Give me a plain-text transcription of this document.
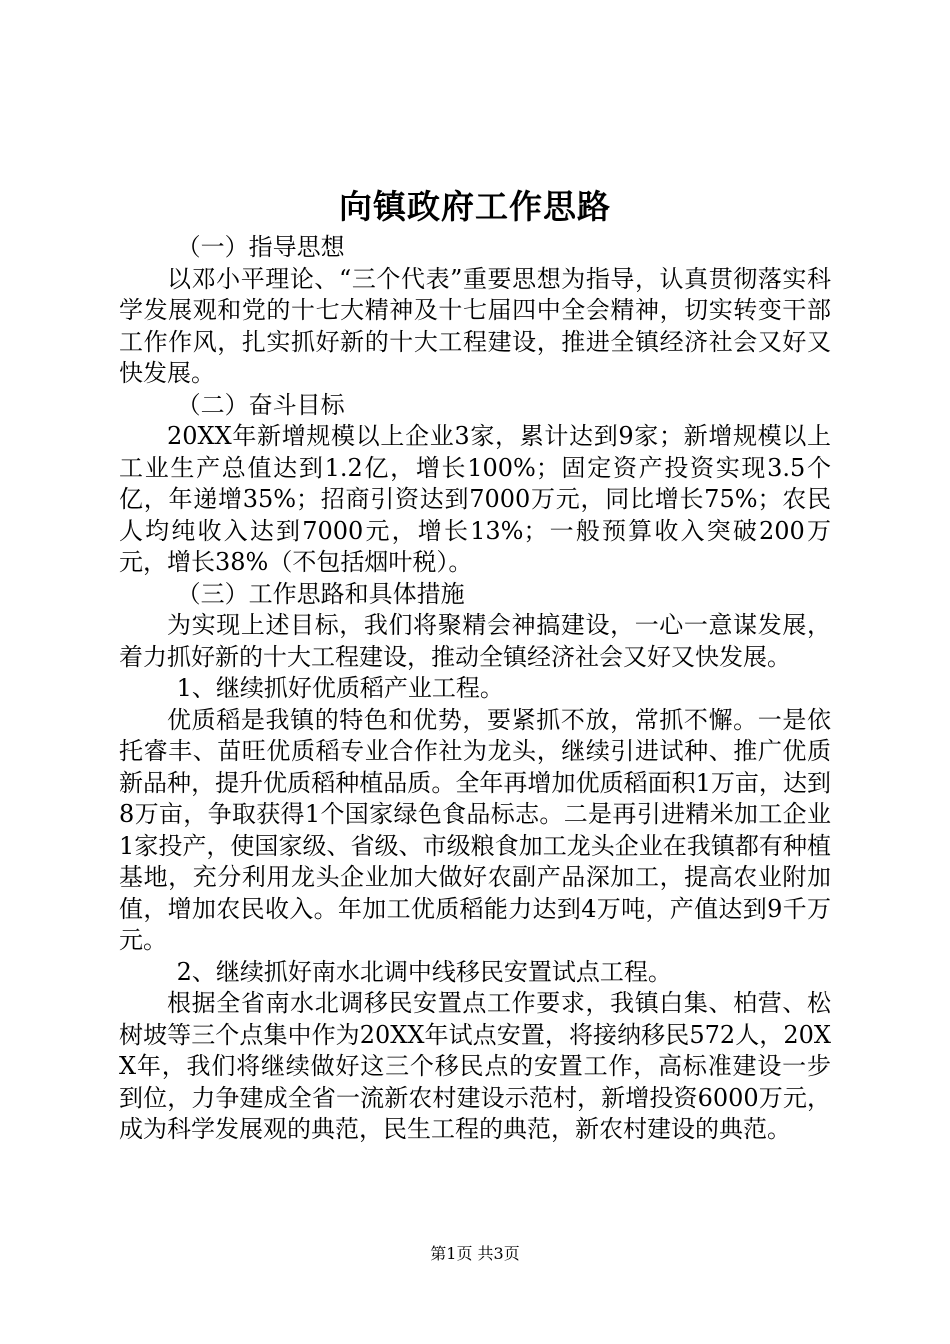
向镇政府工作思路

（一）指导思想

以邓小平理论、“三个代表”重要思想为指导，认真贯彻落实科学发展观和党的十七大精神及十七届四中全会精神，切实转变干部工作作风，扎实抓好新的十大工程建设，推进全镇经济社会又好又快发展。

（二）奋斗目标

20XX年新增规模以上企业3家，累计达到9家；新增规模以上工业生产总值达到1.2亿，增长100%；固定资产投资实现3.5个亿，年递增35%；招商引资达到7000万元，同比增长75%；农民人均纯收入达到7000元，增长13%；一般预算收入突破200万元，增长38%（不包括烟叶税）。

（三）工作思路和具体措施

为实现上述目标，我们将聚精会神搞建设，一心一意谋发展，着力抓好新的十大工程建设，推动全镇经济社会又好又快发展。

1、继续抓好优质稻产业工程。

优质稻是我镇的特色和优势，要紧抓不放，常抓不懈。一是依托睿丰、苗旺优质稻专业合作社为龙头，继续引进试种、推广优质新品种，提升优质稻种植品质。全年再增加优质稻面积1万亩，达到8万亩，争取获得1个国家绿色食品标志。二是再引进精米加工企业1家投产，使国家级、省级、市级粮食加工龙头企业在我镇都有种植基地，充分利用龙头企业加大做好农副产品深加工，提高农业附加值，增加农民收入。年加工优质稻能力达到4万吨，产值达到9千万元。

2、继续抓好南水北调中线移民安置试点工程。

根据全省南水北调移民安置点工作要求，我镇白集、柏营、松树坡等三个点集中作为20XX年试点安置，将接纳移民572人，20XX年，我们将继续做好这三个移民点的安置工作，高标准建设一步到位，力争建成全省一流新农村建设示范村，新增投资6000万元，成为科学发展观的典范，民生工程的典范，新农村建设的典范。

第1页 共3页
